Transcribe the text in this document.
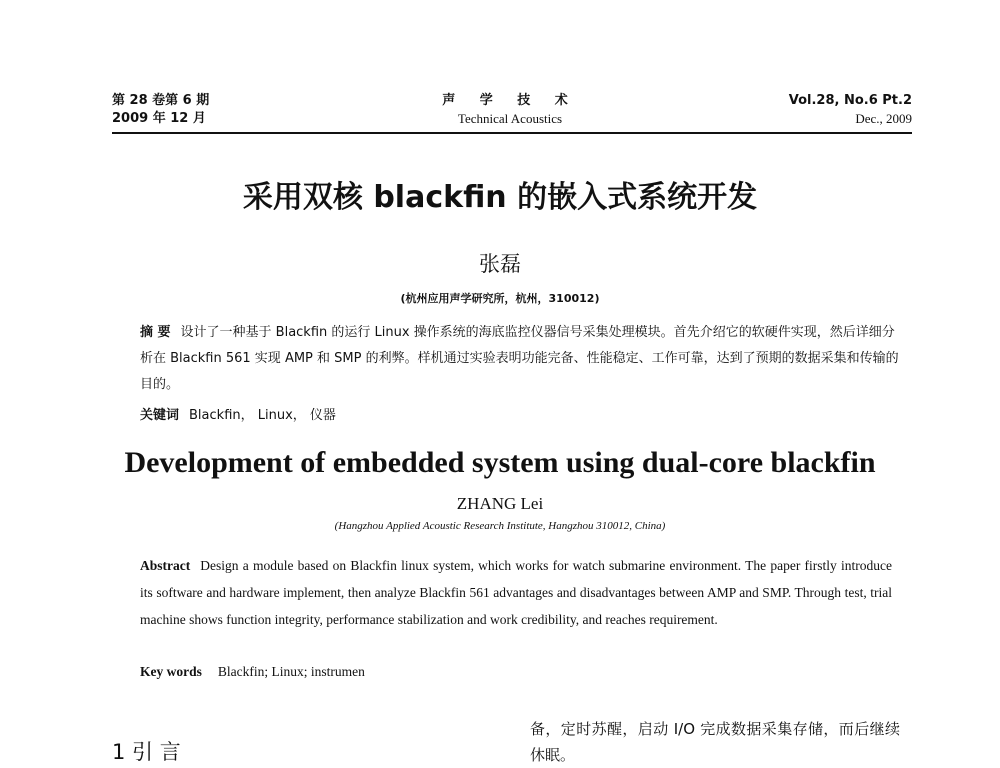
第 28 卷第 6 期
2009 年 12 月
声 学 技 术
Technical Acoustics
Vol.28, No.6 Pt.2
Dec., 2009
采用双核 blackfin 的嵌入式系统开发
张磊
(杭州应用声学研究所，杭州，310012)
摘 要 设计了一种基于 Blackfin 的运行 Linux 操作系统的海底监控仪器信号采集处理模块。首先介绍它的软硬件实现，然后详细分析在 Blackfin 561 实现 AMP 和 SMP 的利弊。样机通过实验表明功能完备、性能稳定、工作可靠，达到了预期的数据采集和传输的目的。
关键词 Blackfin， Linux， 仪器
Development of embedded system using dual-core blackfin
ZHANG Lei
(Hangzhou Applied Acoustic Research Institute, Hangzhou 310012, China)
Abstract Design a module based on Blackfin linux system, which works for watch submarine environment. The paper firstly introduce its software and hardware implement, then analyze Blackfin 561 advantages and disadvantages between AMP and SMP. Through test, trial machine shows function integrity, performance stabilization and work credibility, and reaches requirement.
Key words Blackfin; Linux; instrumen
1 引 言
备，定时苏醒，启动 I/O 完成数据采集存储，而后继续休眠。
